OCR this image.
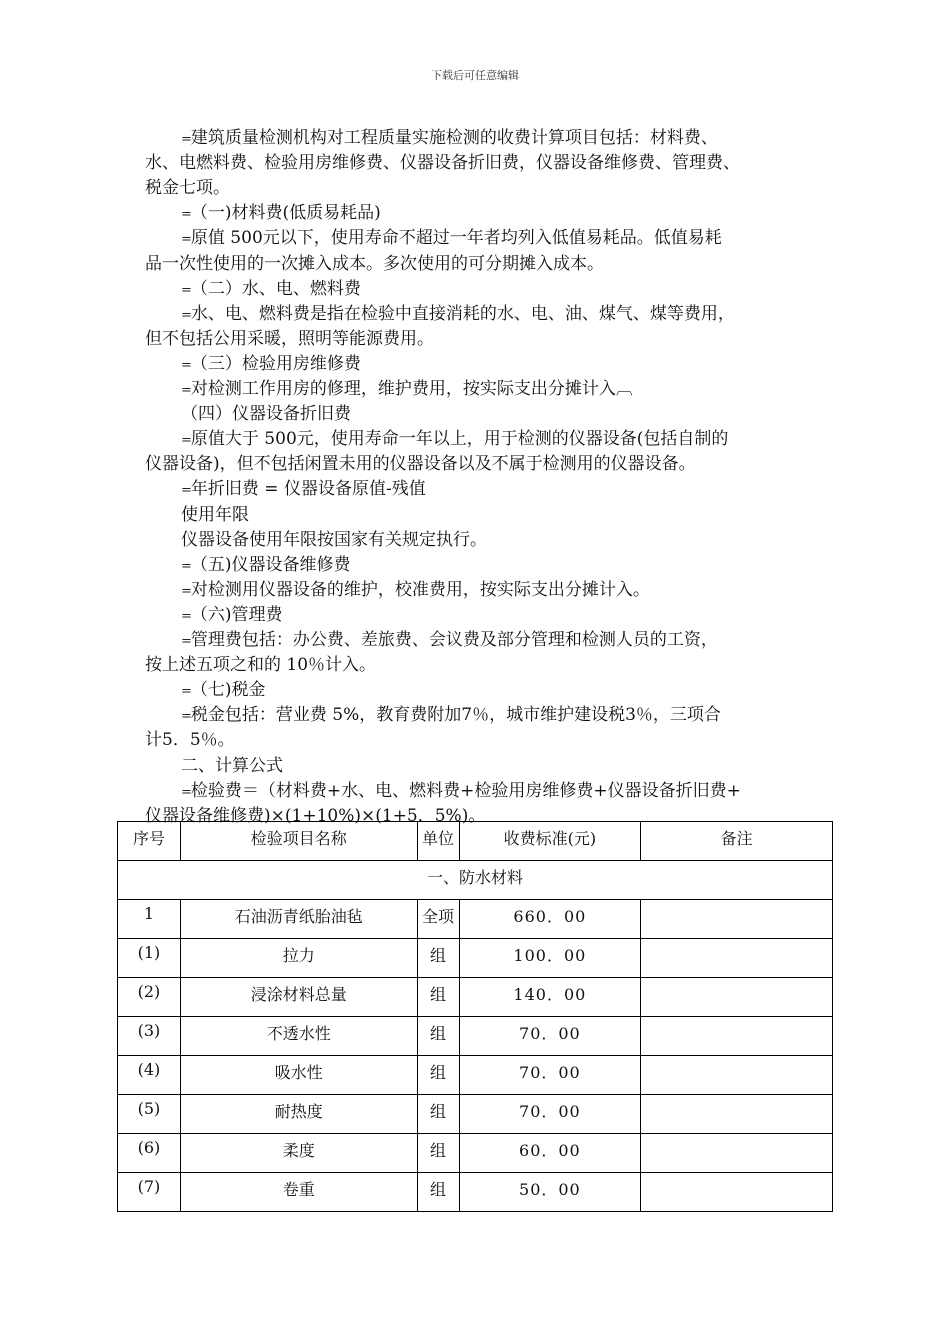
下载后可任意编辑
=建筑质量检测机构对工程质量实施检测的收费计算项目包括：材料费、
水、电燃料费、检验用房维修费、仪器设备折旧费，仪器设备维修费、管理费、
税金七项。
=（一)材料费(低质易耗品)
=原值 500元以下，使用寿命不超过一年者均列入低值易耗品。低值易耗
品一次性使用的一次摊入成本。多次使用的可分期摊入成本。
=（二）水、电、燃料费
=水、电、燃料费是指在检验中直接消耗的水、电、油、煤气、煤等费用，
但不包括公用采暖，照明等能源费用。
=（三）检验用房维修费
=对检测工作用房的修理，维护费用，按实际支出分摊计入︹
（四）仪器设备折旧费
=原值大于 500元，使用寿命一年以上，用于检测的仪器设备(包括自制的
仪器设备)，但不包括闲置未用的仪器设备以及不属于检测用的仪器设备。
=年折旧费 = 仪器设备原值-残值
使用年限
仪器设备使用年限按国家有关规定执行。
=（五)仪器设备维修费
=对检测用仪器设备的维护，校准费用，按实际支出分摊计入。
=（六)管理费
=管理费包括：办公费、差旅费、会议费及部分管理和检测人员的工资，
按上述五项之和的 10％计入。
=（七)税金
=税金包括：营业费 5%，教育费附加7％，城市维护建设税3％，三项合
计5．5％。
二、计算公式
=检验费＝（材料费+水、电、燃料费+检验用房维修费+仪器设备折旧费+
仪器设备维修费)×(1+10%)×(1+5．5%)。
序号	检验项目名称	单位	收费标准(元)	备注
一、防水材料				
1	石油沥青纸胎油毡	全项	660．00	
(1)	拉力	组	100．00	
(2)	浸涂材料总量	组	140．00	
(3)	不透水性	组	70．00	
(4)	吸水性	组	70．00	
(5)	耐热度	组	70．00	
(6)	柔度	组	60．00	
(7)	卷重	组	50．00	
